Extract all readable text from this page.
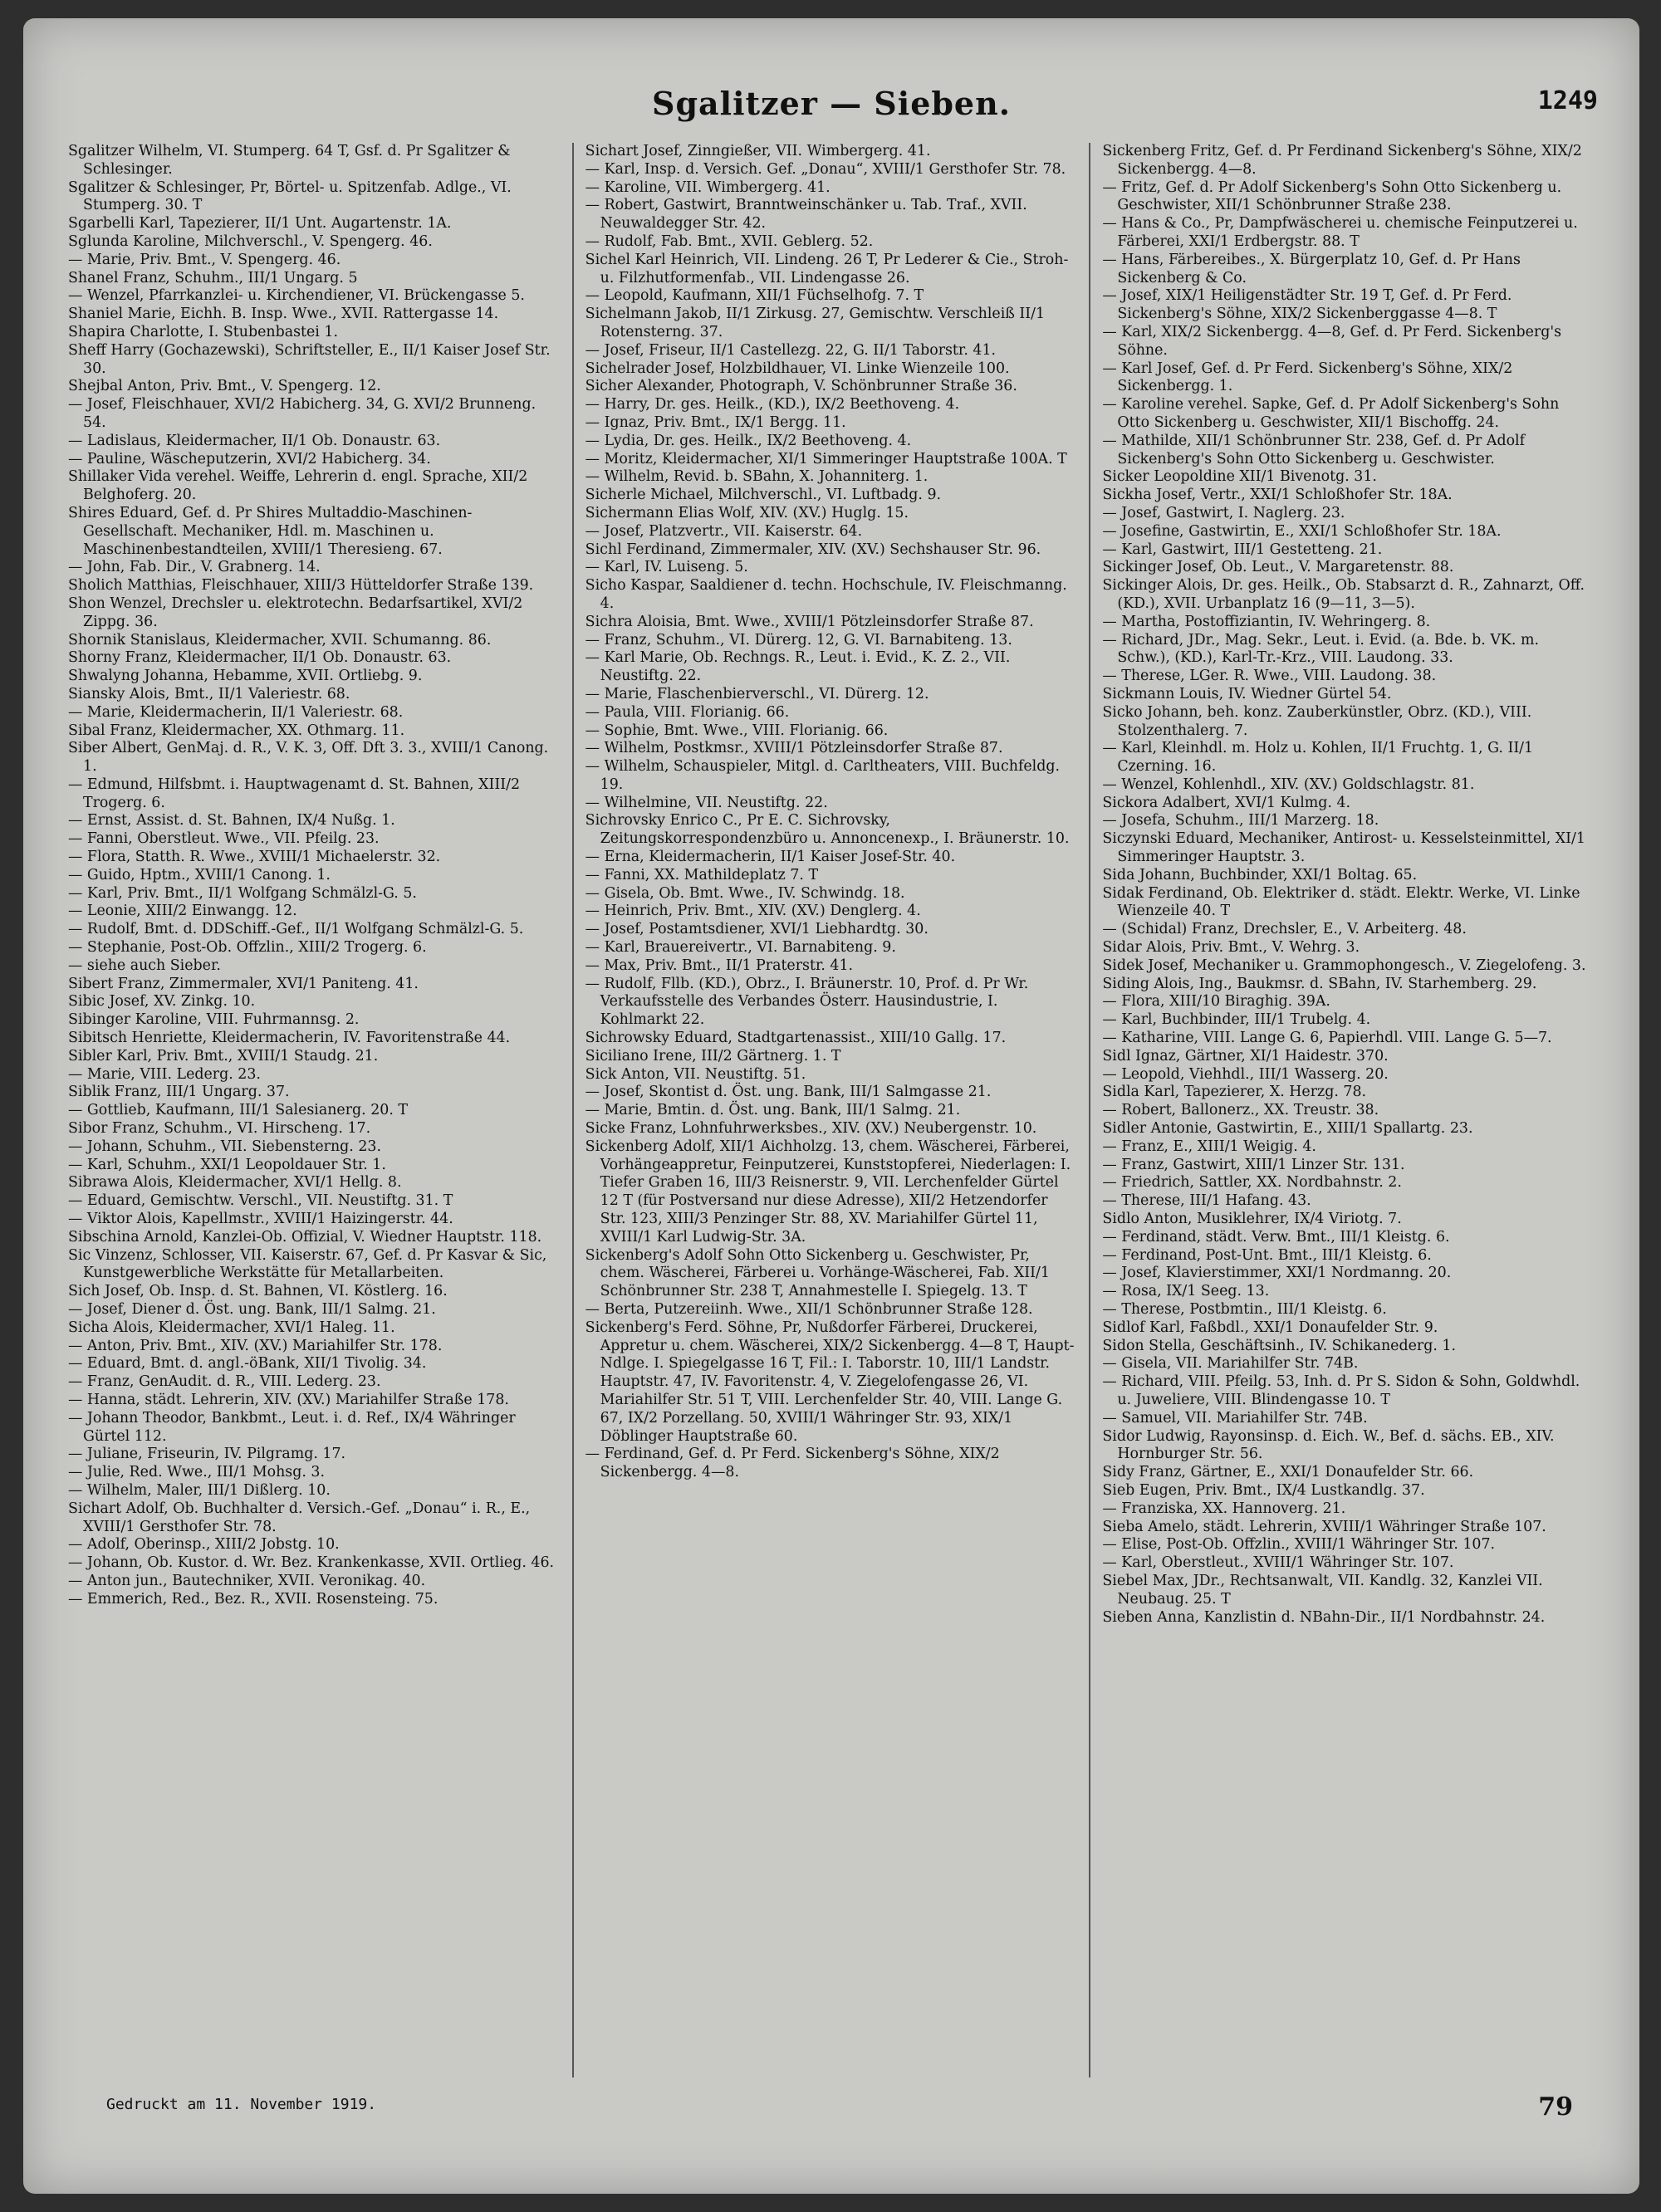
Sgalitzer — Sieben.	1249

Sgalitzer Wilhelm, VI. Stumperg. 64 T, Gsf. d. Pr Sgalitzer & Schlesinger.

Sgalitzer & Schlesinger, Pr, Börtel- u. Spitzenfab. Adlge., VI. Stumperg. 30. T

Sgarbelli Karl, Tapezierer, II/1 Unt. Augartenstr. 1A.

Sglunda Karoline, Milchverschl., V. Spengerg. 46.

— Marie, Priv. Bmt., V. Spengerg. 46.

Shanel Franz, Schuhm., III/1 Ungarg. 5

— Wenzel, Pfarrkanzlei- u. Kirchendiener, VI. Brückengasse 5.

Shaniel Marie, Eichh. B. Insp. Wwe., XVII. Rattergasse 14.

Shapira Charlotte, I. Stubenbastei 1.

Sheff Harry (Gochazewski), Schriftsteller, E., II/1 Kaiser Josef Str. 30.

Shejbal Anton, Priv. Bmt., V. Spengerg. 12.

— Josef, Fleischhauer, XVI/2 Habicherg. 34, G. XVI/2 Brunneng. 54.

— Ladislaus, Kleidermacher, II/1 Ob. Donaustr. 63.

— Pauline, Wäscheputzerin, XVI/2 Habicherg. 34.

Shillaker Vida verehel. Weiffe, Lehrerin d. engl. Sprache, XII/2 Belghoferg. 20.

Shires Eduard, Gef. d. Pr Shires Multaddio-Maschinen-Gesellschaft. Mechaniker, Hdl. m. Maschinen u. Maschinenbestandteilen, XVIII/1 Theresieng. 67.

— John, Fab. Dir., V. Grabnerg. 14.

Sholich Matthias, Fleischhauer, XIII/3 Hütteldorfer Straße 139.

Shon Wenzel, Drechsler u. elektrotechn. Bedarfsartikel, XVI/2 Zippg. 36.

Shornik Stanislaus, Kleidermacher, XVII. Schumanng. 86.

Shorny Franz, Kleidermacher, II/1 Ob. Donaustr. 63.

Shwalyng Johanna, Hebamme, XVII. Ortliebg. 9.

Siansky Alois, Bmt., II/1 Valeriestr. 68.

— Marie, Kleidermacherin, II/1 Valeriestr. 68.

Sibal Franz, Kleidermacher, XX. Othmarg. 11.

Siber Albert, GenMaj. d. R., V. K. 3, Off. Dft 3. 3., XVIII/1 Canong. 1.

— Edmund, Hilfsbmt. i. Hauptwagenamt d. St. Bahnen, XIII/2 Trogerg. 6.

— Ernst, Assist. d. St. Bahnen, IX/4 Nußg. 1.

— Fanni, Oberstleut. Wwe., VII. Pfeilg. 23.

— Flora, Statth. R. Wwe., XVIII/1 Michaelerstr. 32.

— Guido, Hptm., XVIII/1 Canong. 1.

— Karl, Priv. Bmt., II/1 Wolfgang Schmälzl-G. 5.

— Leonie, XIII/2 Einwangg. 12.

— Rudolf, Bmt. d. DDSchiff.-Gef., II/1 Wolfgang Schmälzl-G. 5.

— Stephanie, Post-Ob. Offzlin., XIII/2 Trogerg. 6.

— siehe auch Sieber.

Sibert Franz, Zimmermaler, XVI/1 Paniteng. 41.

Sibic Josef, XV. Zinkg. 10.

Sibinger Karoline, VIII. Fuhrmannsg. 2.

Sibitsch Henriette, Kleidermacherin, IV. Favoritenstraße 44.

Sibler Karl, Priv. Bmt., XVIII/1 Staudg. 21.

— Marie, VIII. Lederg. 23.

Siblik Franz, III/1 Ungarg. 37.

— Gottlieb, Kaufmann, III/1 Salesianerg. 20. T

Sibor Franz, Schuhm., VI. Hirscheng. 17.

— Johann, Schuhm., VII. Siebensterng. 23.

— Karl, Schuhm., XXI/1 Leopoldauer Str. 1.

Sibrawa Alois, Kleidermacher, XVI/1 Hellg. 8.

— Eduard, Gemischtw. Verschl., VII. Neustiftg. 31. T

— Viktor Alois, Kapellmstr., XVIII/1 Haizingerstr. 44.

Sibschina Arnold, Kanzlei-Ob. Offizial, V. Wiedner Hauptstr. 118.

Sic Vinzenz, Schlosser, VII. Kaiserstr. 67, Gef. d. Pr Kasvar & Sic, Kunstgewerbliche Werkstätte für Metallarbeiten.

Sich Josef, Ob. Insp. d. St. Bahnen, VI. Köstlerg. 16.

— Josef, Diener d. Öst. ung. Bank, III/1 Salmg. 21.

Sicha Alois, Kleidermacher, XVI/1 Haleg. 11.

— Anton, Priv. Bmt., XIV. (XV.) Mariahilfer Str. 178.

— Eduard, Bmt. d. angl.-öBank, XII/1 Tivolig. 34.

— Franz, GenAudit. d. R., VIII. Lederg. 23.

— Hanna, städt. Lehrerin, XIV. (XV.) Mariahilfer Straße 178.

— Johann Theodor, Bankbmt., Leut. i. d. Ref., IX/4 Währinger Gürtel 112.

— Juliane, Friseurin, IV. Pilgramg. 17.

— Julie, Red. Wwe., III/1 Mohsg. 3.

— Wilhelm, Maler, III/1 Dißlerg. 10.

Sichart Adolf, Ob. Buchhalter d. Versich.-Gef. „Donau“ i. R., E., XVIII/1 Gersthofer Str. 78.

— Adolf, Oberinsp., XIII/2 Jobstg. 10.

— Johann, Ob. Kustor. d. Wr. Bez. Krankenkasse, XVII. Ortlieg. 46.

— Anton jun., Bautechniker, XVII. Veronikag. 40.

— Emmerich, Red., Bez. R., XVII. Rosensteing. 75.

Sichart Josef, Zinngießer, VII. Wimbergerg. 41.

— Karl, Insp. d. Versich. Gef. „Donau“, XVIII/1 Gersthofer Str. 78.

— Karoline, VII. Wimbergerg. 41.

— Robert, Gastwirt, Branntweinschänker u. Tab. Traf., XVII. Neuwaldegger Str. 42.

— Rudolf, Fab. Bmt., XVII. Geblerg. 52.

Sichel Karl Heinrich, VII. Lindeng. 26 T, Pr Lederer & Cie., Stroh- u. Filzhutformenfab., VII. Lindengasse 26.

— Leopold, Kaufmann, XII/1 Füchselhofg. 7. T

Sichelmann Jakob, II/1 Zirkusg. 27, Gemischtw. Verschleiß II/1 Rotensterng. 37.

— Josef, Friseur, II/1 Castellezg. 22, G. II/1 Taborstr. 41.

Sichelrader Josef, Holzbildhauer, VI. Linke Wienzeile 100.

Sicher Alexander, Photograph, V. Schönbrunner Straße 36.

— Harry, Dr. ges. Heilk., (KD.), IX/2 Beethoveng. 4.

— Ignaz, Priv. Bmt., IX/1 Bergg. 11.

— Lydia, Dr. ges. Heilk., IX/2 Beethoveng. 4.

— Moritz, Kleidermacher, XI/1 Simmeringer Hauptstraße 100A. T

— Wilhelm, Revid. b. SBahn, X. Johanniterg. 1.

Sicherle Michael, Milchverschl., VI. Luftbadg. 9.

Sichermann Elias Wolf, XIV. (XV.) Huglg. 15.

— Josef, Platzvertr., VII. Kaiserstr. 64.

Sichl Ferdinand, Zimmermaler, XIV. (XV.) Sechshauser Str. 96.

— Karl, IV. Luiseng. 5.

Sicho Kaspar, Saaldiener d. techn. Hochschule, IV. Fleischmanng. 4.

Sichra Aloisia, Bmt. Wwe., XVIII/1 Pötzleinsdorfer Straße 87.

— Franz, Schuhm., VI. Dürerg. 12, G. VI. Barnabiteng. 13.

— Karl Marie, Ob. Rechngs. R., Leut. i. Evid., K. Z. 2., VII. Neustiftg. 22.

— Marie, Flaschenbierverschl., VI. Dürerg. 12.

— Paula, VIII. Florianig. 66.

— Sophie, Bmt. Wwe., VIII. Florianig. 66.

— Wilhelm, Postkmsr., XVIII/1 Pötzleinsdorfer Straße 87.

— Wilhelm, Schauspieler, Mitgl. d. Carltheaters, VIII. Buchfeldg. 19.

— Wilhelmine, VII. Neustiftg. 22.

Sichrovsky Enrico C., Pr E. C. Sichrovsky, Zeitungskorrespondenzbüro u. Annoncenexp., I. Bräunerstr. 10.

— Erna, Kleidermacherin, II/1 Kaiser Josef-Str. 40.

— Fanni, XX. Mathildeplatz 7. T

— Gisela, Ob. Bmt. Wwe., IV. Schwindg. 18.

— Heinrich, Priv. Bmt., XIV. (XV.) Denglerg. 4.

— Josef, Postamtsdiener, XVI/1 Liebhardtg. 30.

— Karl, Brauereivertr., VI. Barnabiteng. 9.

— Max, Priv. Bmt., II/1 Praterstr. 41.

— Rudolf, Fllb. (KD.), Obrz., I. Bräunerstr. 10, Prof. d. Pr Wr. Verkaufsstelle des Verbandes Österr. Hausindustrie, I. Kohlmarkt 22.

Sichrowsky Eduard, Stadtgartenassist., XIII/10 Gallg. 17.

Siciliano Irene, III/2 Gärtnerg. 1. T

Sick Anton, VII. Neustiftg. 51.

— Josef, Skontist d. Öst. ung. Bank, III/1 Salmgasse 21.

— Marie, Bmtin. d. Öst. ung. Bank, III/1 Salmg. 21.

Sicke Franz, Lohnfuhrwerksbes., XIV. (XV.) Neubergenstr. 10.

Sickenberg Adolf, XII/1 Aichholzg. 13, chem. Wäscherei, Färberei, Vorhängeappretur, Feinputzerei, Kunststopferei, Niederlagen: I. Tiefer Graben 16, III/3 Reisnerstr. 9, VII. Lerchenfelder Gürtel 12 T (für Postversand nur diese Adresse), XII/2 Hetzendorfer Str. 123, XIII/3 Penzinger Str. 88, XV. Mariahilfer Gürtel 11, XVIII/1 Karl Ludwig-Str. 3A.

Sickenberg's Adolf Sohn Otto Sickenberg u. Geschwister, Pr, chem. Wäscherei, Färberei u. Vorhänge-Wäscherei, Fab. XII/1 Schönbrunner Str. 238 T, Annahmestelle I. Spiegelg. 13. T

— Berta, Putzereiinh. Wwe., XII/1 Schönbrunner Straße 128.

Sickenberg's Ferd. Söhne, Pr, Nußdorfer Färberei, Druckerei, Appretur u. chem. Wäscherei, XIX/2 Sickenbergg. 4—8 T, Haupt-Ndlge. I. Spiegelgasse 16 T, Fil.: I. Taborstr. 10, III/1 Landstr. Hauptstr. 47, IV. Favoritenstr. 4, V. Ziegelofengasse 26, VI. Mariahilfer Str. 51 T, VIII. Lerchenfelder Str. 40, VIII. Lange G. 67, IX/2 Porzellang. 50, XVIII/1 Währinger Str. 93, XIX/1 Döblinger Hauptstraße 60.

— Ferdinand, Gef. d. Pr Ferd. Sickenberg's Söhne, XIX/2 Sickenbergg. 4—8.

Sickenberg Fritz, Gef. d. Pr Ferdinand Sickenberg's Söhne, XIX/2 Sickenbergg. 4—8.

— Fritz, Gef. d. Pr Adolf Sickenberg's Sohn Otto Sickenberg u. Geschwister, XII/1 Schönbrunner Straße 238.

— Hans & Co., Pr, Dampfwäscherei u. chemische Feinputzerei u. Färberei, XXI/1 Erdbergstr. 88. T

— Hans, Färbereibes., X. Bürgerplatz 10, Gef. d. Pr Hans Sickenberg & Co.

— Josef, XIX/1 Heiligenstädter Str. 19 T, Gef. d. Pr Ferd. Sickenberg's Söhne, XIX/2 Sickenberggasse 4—8. T

— Karl, XIX/2 Sickenbergg. 4—8, Gef. d. Pr Ferd. Sickenberg's Söhne.

— Karl Josef, Gef. d. Pr Ferd. Sickenberg's Söhne, XIX/2 Sickenbergg. 1.

— Karoline verehel. Sapke, Gef. d. Pr Adolf Sickenberg's Sohn Otto Sickenberg u. Geschwister, XII/1 Bischoffg. 24.

— Mathilde, XII/1 Schönbrunner Str. 238, Gef. d. Pr Adolf Sickenberg's Sohn Otto Sickenberg u. Geschwister.

Sicker Leopoldine XII/1 Bivenotg. 31.

Sickha Josef, Vertr., XXI/1 Schloßhofer Str. 18A.

— Josef, Gastwirt, I. Naglerg. 23.

— Josefine, Gastwirtin, E., XXI/1 Schloßhofer Str. 18A.

— Karl, Gastwirt, III/1 Gestetteng. 21.

Sickinger Josef, Ob. Leut., V. Margaretenstr. 88.

Sickinger Alois, Dr. ges. Heilk., Ob. Stabsarzt d. R., Zahnarzt, Off. (KD.), XVII. Urbanplatz 16 (9—11, 3—5).

— Martha, Postoffiziantin, IV. Wehringerg. 8.

— Richard, JDr., Mag. Sekr., Leut. i. Evid. (a. Bde. b. VK. m. Schw.), (KD.), Karl-Tr.-Krz., VIII. Laudong. 33.

— Therese, LGer. R. Wwe., VIII. Laudong. 38.

Sickmann Louis, IV. Wiedner Gürtel 54.

Sicko Johann, beh. konz. Zauberkünstler, Obrz. (KD.), VIII. Stolzenthalerg. 7.

— Karl, Kleinhdl. m. Holz u. Kohlen, II/1 Fruchtg. 1, G. II/1 Czerning. 16.

— Wenzel, Kohlenhdl., XIV. (XV.) Goldschlagstr. 81.

Sickora Adalbert, XVI/1 Kulmg. 4.

— Josefa, Schuhm., III/1 Marzerg. 18.

Siczynski Eduard, Mechaniker, Antirost- u. Kesselsteinmittel, XI/1 Simmeringer Hauptstr. 3.

Sida Johann, Buchbinder, XXI/1 Boltag. 65.

Sidak Ferdinand, Ob. Elektriker d. städt. Elektr. Werke, VI. Linke Wienzeile 40. T

— (Schidal) Franz, Drechsler, E., V. Arbeiterg. 48.

Sidar Alois, Priv. Bmt., V. Wehrg. 3.

Sidek Josef, Mechaniker u. Grammophongesch., V. Ziegelofeng. 3.

Siding Alois, Ing., Baukmsr. d. SBahn, IV. Starhemberg. 29.

— Flora, XIII/10 Biraghig. 39A.

— Karl, Buchbinder, III/1 Trubelg. 4.

— Katharine, VIII. Lange G. 6, Papierhdl. VIII. Lange G. 5—7.

Sidl Ignaz, Gärtner, XI/1 Haidestr. 370.

— Leopold, Viehhdl., III/1 Wasserg. 20.

Sidla Karl, Tapezierer, X. Herzg. 78.

— Robert, Ballonerz., XX. Treustr. 38.

Sidler Antonie, Gastwirtin, E., XIII/1 Spallartg. 23.

— Franz, E., XIII/1 Weigig. 4.

— Franz, Gastwirt, XIII/1 Linzer Str. 131.

— Friedrich, Sattler, XX. Nordbahnstr. 2.

— Therese, III/1 Hafang. 43.

Sidlo Anton, Musiklehrer, IX/4 Viriotg. 7.

— Ferdinand, städt. Verw. Bmt., III/1 Kleistg. 6.

— Ferdinand, Post-Unt. Bmt., III/1 Kleistg. 6.

— Josef, Klavierstimmer, XXI/1 Nordmanng. 20.

— Rosa, IX/1 Seeg. 13.

— Therese, Postbmtin., III/1 Kleistg. 6.

Sidlof Karl, Faßbdl., XXI/1 Donaufelder Str. 9.

Sidon Stella, Geschäftsinh., IV. Schikanederg. 1.

— Gisela, VII. Mariahilfer Str. 74B.

— Richard, VIII. Pfeilg. 53, Inh. d. Pr S. Sidon & Sohn, Goldwhdl. u. Juweliere, VIII. Blindengasse 10. T

— Samuel, VII. Mariahilfer Str. 74B.

Sidor Ludwig, Rayonsinsp. d. Eich. W., Bef. d. sächs. EB., XIV. Hornburger Str. 56.

Sidy Franz, Gärtner, E., XXI/1 Donaufelder Str. 66.

Sieb Eugen, Priv. Bmt., IX/4 Lustkandlg. 37.

— Franziska, XX. Hannoverg. 21.

Sieba Amelo, städt. Lehrerin, XVIII/1 Währinger Straße 107.

— Elise, Post-Ob. Offzlin., XVIII/1 Währinger Str. 107.

— Karl, Oberstleut., XVIII/1 Währinger Str. 107.

Siebel Max, JDr., Rechtsanwalt, VII. Kandlg. 32, Kanzlei VII. Neubaug. 25. T

Sieben Anna, Kanzlistin d. NBahn-Dir., II/1 Nordbahnstr. 24.

Gedruckt am 11. November 1919.	79
